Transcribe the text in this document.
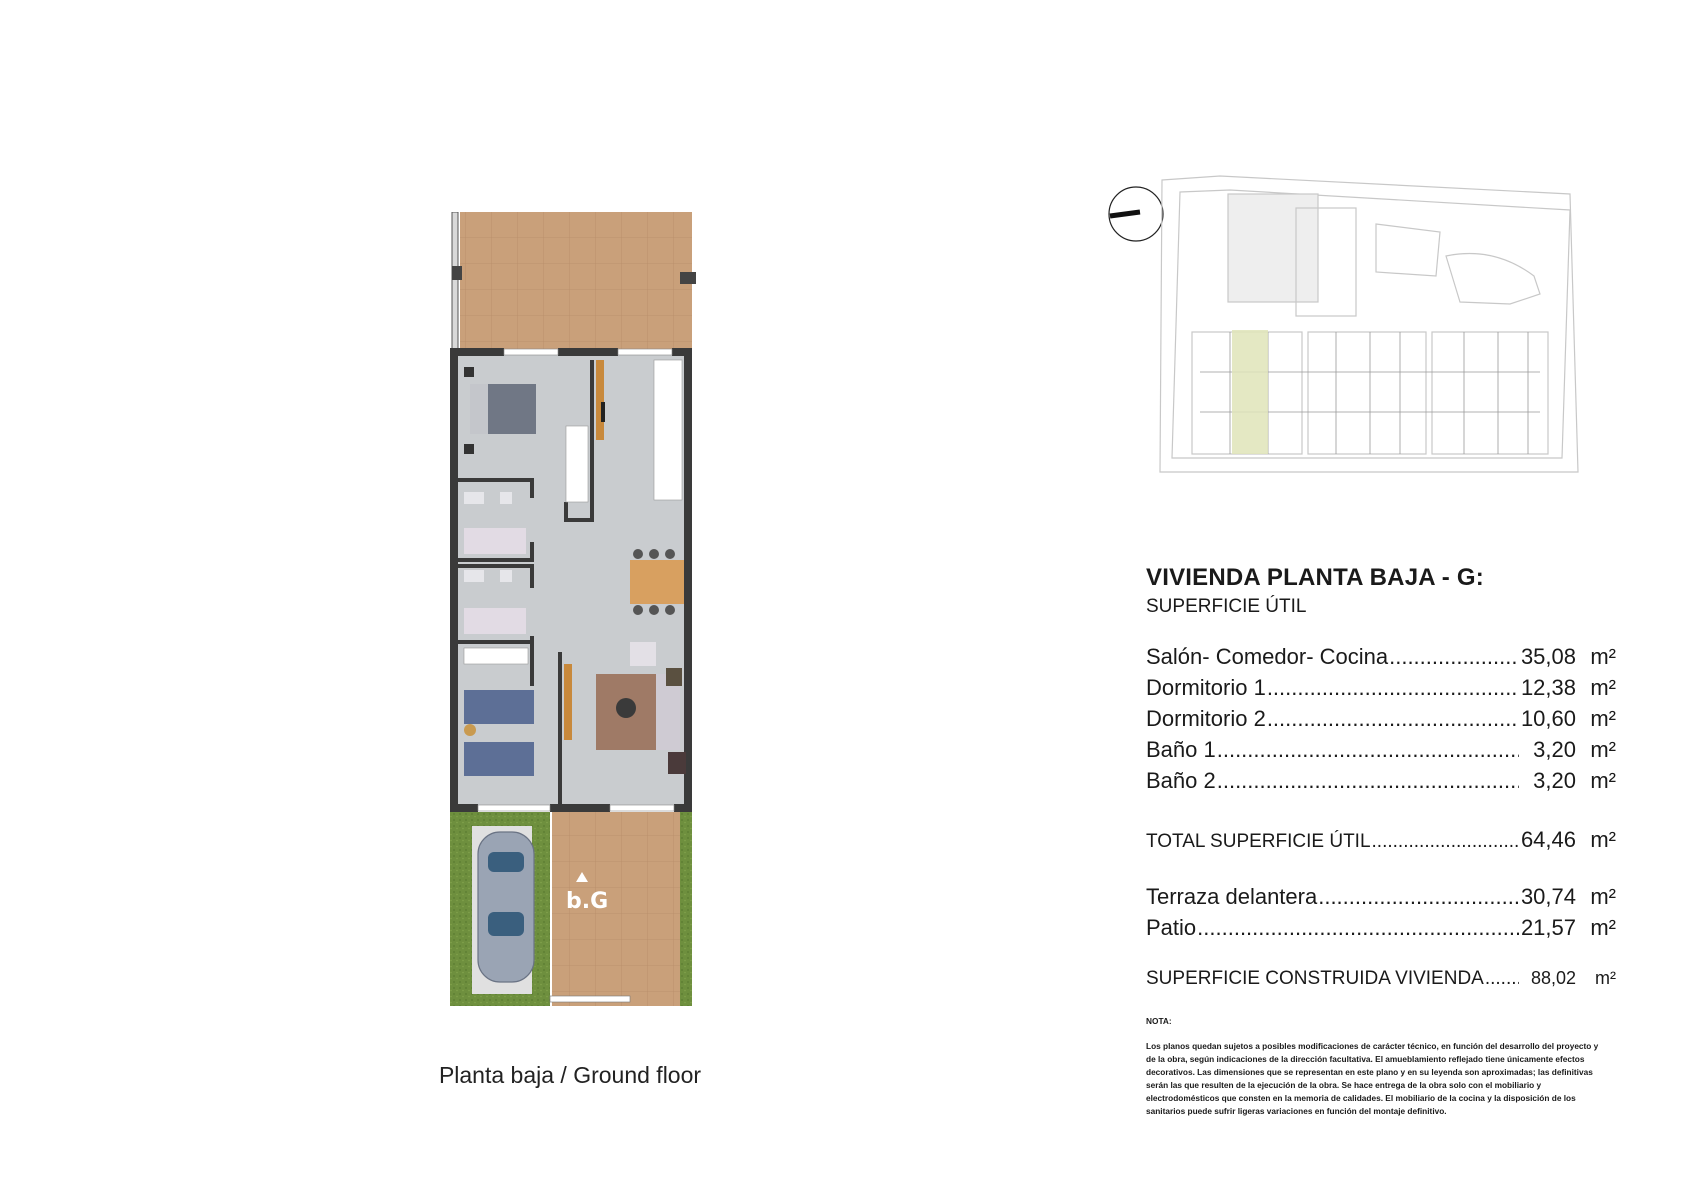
b.G
Planta baja / Ground floor
VIVIENDA PLANTA BAJA - G:
SUPERFICIE ÚTIL
Salón- Comedor- Cocina .....	35,08 m²
Dormitorio 1 .....	12,38 m²
Dormitorio 2 .....	10,60 m²
Baño 1 .....	3,20 m²
Baño 2 .....	3,20 m²
TOTAL SUPERFICIE ÚTIL .....	64,46 m²
Terraza delantera .....	30,74 m²
Patio .....	21,57 m²
SUPERFICIE CONSTRUIDA VIVIENDA .....	88,02	m²
NOTA:
Los planos quedan sujetos a posibles modificaciones de carácter técnico, en función del desarrollo del proyecto y de la obra, según indicaciones de la dirección facultativa. El amueblamiento reflejado tiene únicamente efectos decorativos. Las dimensiones que se representan en este plano y en su leyenda son aproximadas; las definitivas serán las que resulten de la ejecución de la obra. Se hace entrega de la obra solo con el mobiliario y electrodomésticos que consten en la memoria de calidades. El mobiliario de la cocina y la disposición de los sanitarios puede sufrir ligeras variaciones en función del montaje definitivo.
